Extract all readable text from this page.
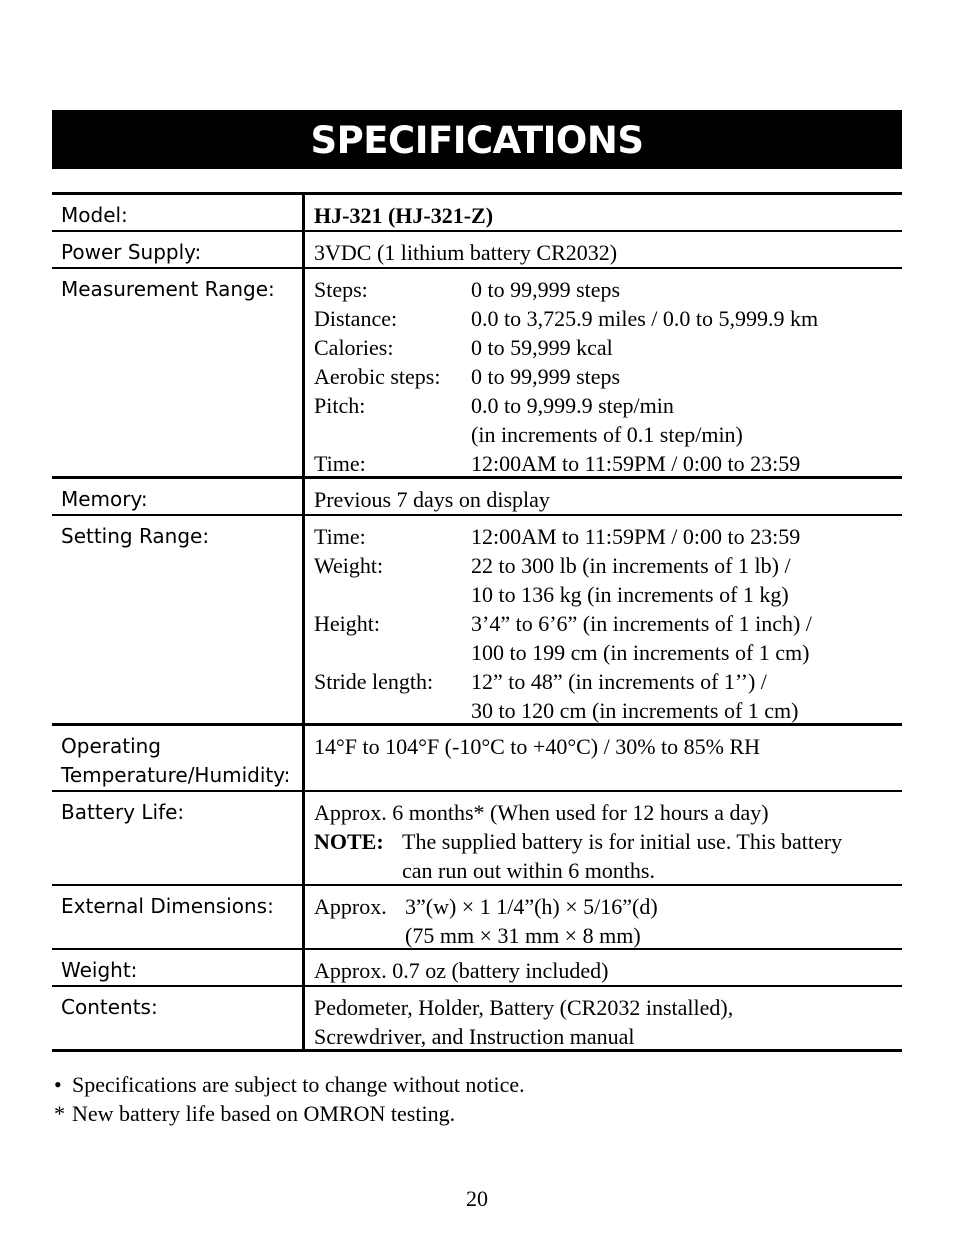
SPECIFICATIONS
Model:	HJ-321 (HJ-321-Z)
Power Supply:	3VDC (1 lithium battery CR2032)
Measurement Range:	Steps:	0 to 99,999 steps
Distance:	0.0 to 3,725.9 miles / 0.0 to 5,999.9 km
Calories:	0 to 59,999 kcal
Aerobic steps:	0 to 99,999 steps
Pitch:	0.0 to 9,999.9 step/min
(in increments of 0.1 step/min)
Time:	12:00AM to 11:59PM / 0:00 to 23:59
Memory:	Previous 7 days on display
Setting Range:	Time:	12:00AM to 11:59PM / 0:00 to 23:59
Weight:	22 to 300 lb (in increments of 1 lb) /
10 to 136 kg (in increments of 1 kg)
Height:	3’4” to 6’6” (in increments of 1 inch) /
100 to 199 cm (in increments of 1 cm)
Stride length:	12” to 48” (in increments of 1’’) /
30 to 120 cm (in increments of 1 cm)
Operating
Temperature/Humidity:
14°F to 104°F (-10°C to +40°C) / 30% to 85% RH
Battery Life:	Approx. 6 months* (When used for 12 hours a day)
NOTE: The supplied battery is for initial use. This battery
can run out within 6 months.
External Dimensions:	Approx. 3”(w) × 1 1/4”(h) × 5/16”(d)
(75 mm × 31 mm × 8 mm)
Weight:	Approx. 0.7 oz (battery included)
Contents:	Pedometer, Holder, Battery (CR2032 installed),
Screwdriver, and Instruction manual
• Specifications are subject to change without notice.
* New battery life based on OMRON testing.
20
